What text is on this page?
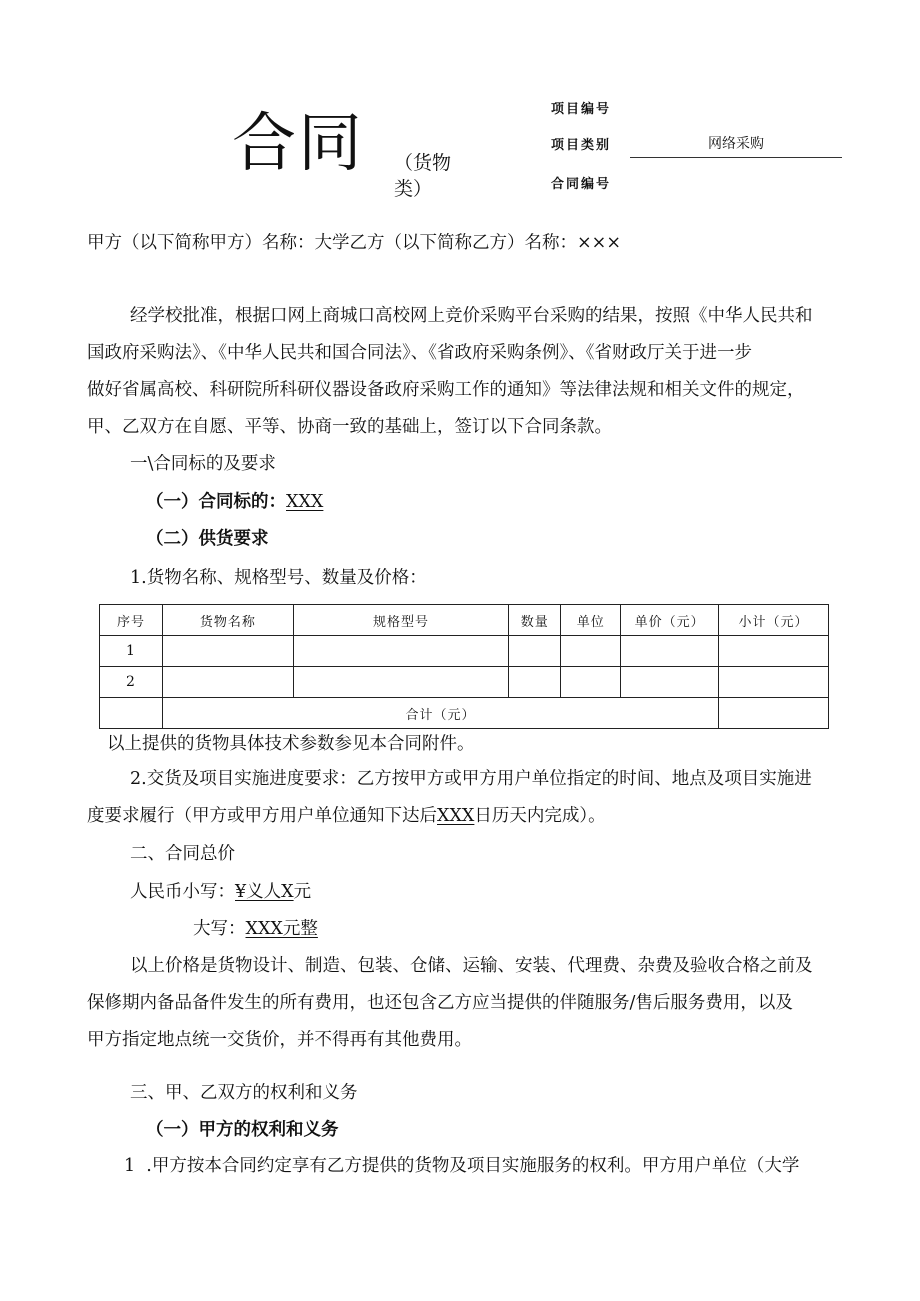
合同 （货物
类）
项目编号
项目类别	网络采购
合同编号
甲方（以下简称甲方）名称：大学乙方（以下简称乙方）名称：×××
经学校批准，根据口网上商城口高校网上竞价采购平台采购的结果，按照《中华人民共和
国政府采购法》、《中华人民共和国合同法》、《省政府采购条例》、《省财政厅关于进一步
做好省属高校、科研院所科研仪器设备政府采购工作的通知》等法律法规和相关文件的规定，
甲、乙双方在自愿、平等、协商一致的基础上，签订以下合同条款。
一\合同标的及要求
（一）合同标的：XXX
（二）供货要求
1.货物名称、规格型号、数量及价格：
序号	货物名称	规格型号	数量	单位	单价（元）	小计（元）
1						
2						
	合计（元）					
以上提供的货物具体技术参数参见本合同附件。
2.交货及项目实施进度要求：乙方按甲方或甲方用户单位指定的时间、地点及项目实施进
度要求履行（甲方或甲方用户单位通知下达后XXX日历天内完成）。
二、合同总价
人民币小写：¥义人X元
大写：XXX元整
以上价格是货物设计、制造、包装、仓储、运输、安装、代理费、杂费及验收合格之前及
保修期内备品备件发生的所有费用，也还包含乙方应当提供的伴随服务/售后服务费用，以及
甲方指定地点统一交货价，并不得再有其他费用。
三、甲、乙双方的权利和义务
（一）甲方的权利和义务
1  .甲方按本合同约定享有乙方提供的货物及项目实施服务的权利。甲方用户单位（大学
